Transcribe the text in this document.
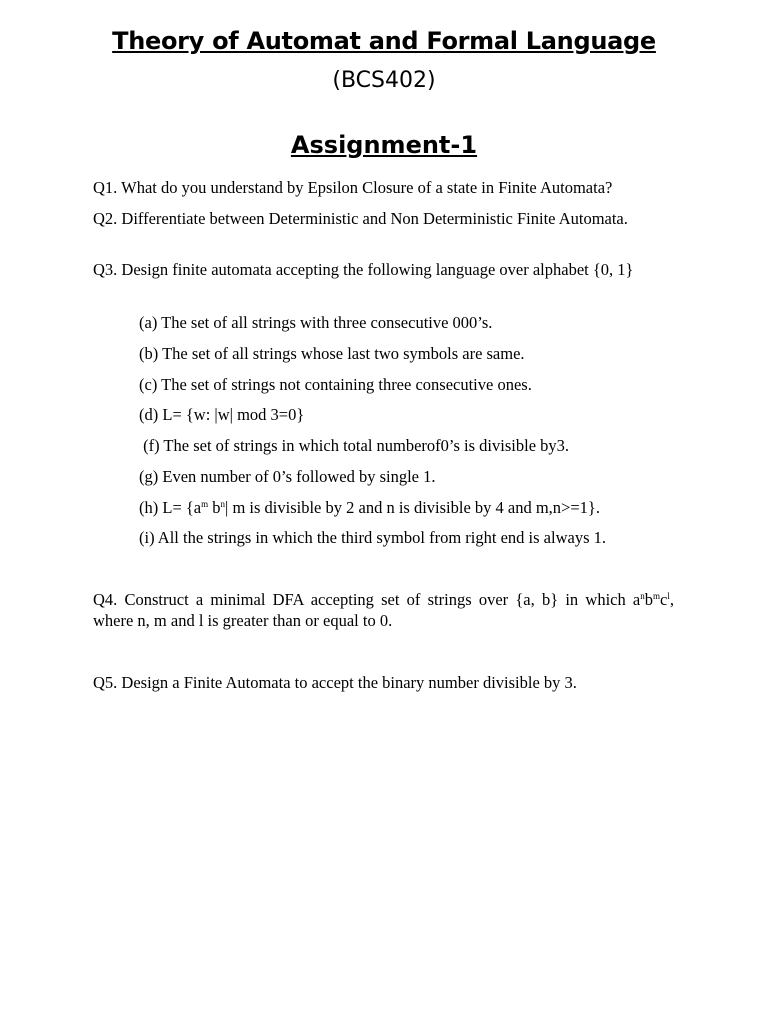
Theory of Automat and Formal Language
(BCS402)
Assignment-1
Q1. What do you understand by Epsilon Closure of a state in Finite Automata?
Q2. Differentiate between Deterministic and Non Deterministic Finite Automata.
Q3. Design finite automata accepting the following language over alphabet {0, 1}
(a) The set of all strings with three consecutive 000’s.
(b) The set of all strings whose last two symbols are same.
(c) The set of strings not containing three consecutive ones.
(d) L= {w: |w| mod 3=0}
(f) The set of strings in which total numberof0’s is divisible by3.
(g) Even number of 0’s followed by single 1.
(h) $L= \{a^m$ $b^n|$ m is divisible by 2 and n is divisible by 4 and m,n>=1}.
(i) All the strings in which the third symbol from right end is always 1.
Q4. Construct a minimal DFA accepting set of strings over {a, b} in which $a^nb^mc^l$, where n, m and l is greater than or equal to 0.
Q5. Design a Finite Automata to accept the binary number divisible by 3.
